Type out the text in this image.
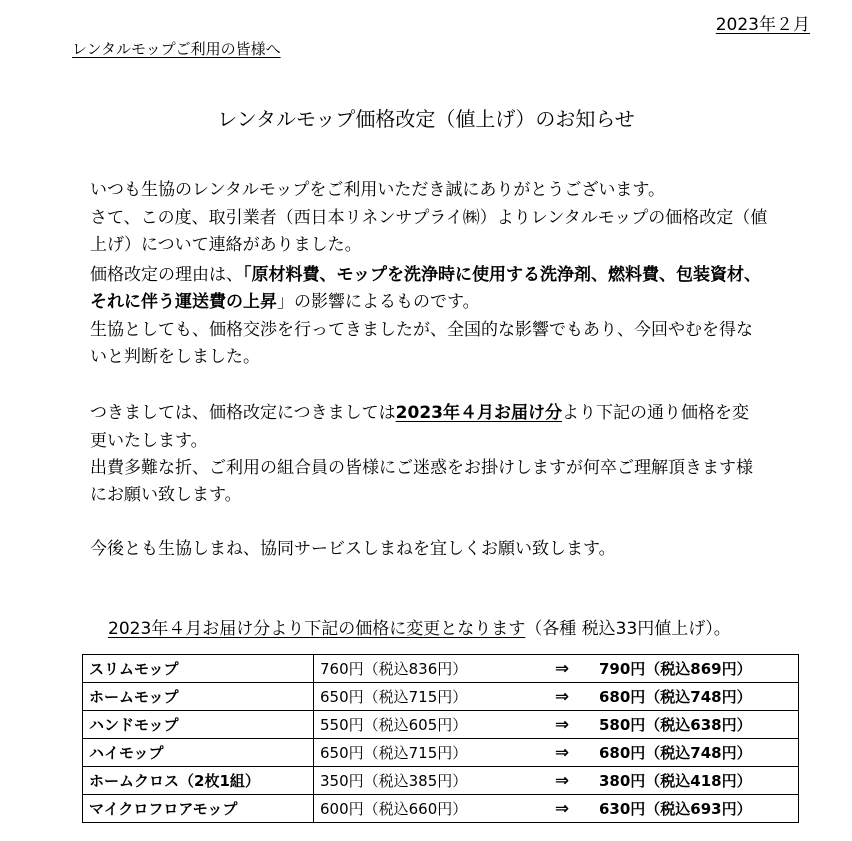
2023年２月
レンタルモップご利用の皆様へ
レンタルモップ価格改定（値上げ）のお知らせ
いつも生協のレンタルモップをご利用いただき誠にありがとうございます。
さて、この度、取引業者（西日本リネンサプライ㈱）よりレンタルモップの価格改定（値
上げ）について連絡がありました。
価格改定の理由は、「原材料費、モップを洗浄時に使用する洗浄剤、燃料費、包装資材、
それに伴う運送費の上昇」の影響によるものです。
生協としても、価格交渉を行ってきましたが、全国的な影響でもあり、今回やむを得な
いと判断をしました。
つきましては、価格改定につきましては2023年４月お届け分より下記の通り価格を変
更いたします。
出費多難な折、ご利用の組合員の皆様にご迷惑をお掛けしますが何卒ご理解頂きます様
にお願い致します。
今後とも生協しまね、協同サービスしまねを宜しくお願い致します。
2023年４月お届け分より下記の価格に変更となります（各種 税込33円値上げ）。
スリムモップ	760円（税込836円）	⇒	790円（税込869円）
ホームモップ	650円（税込715円）	⇒	680円（税込748円）
ハンドモップ	550円（税込605円）	⇒	580円（税込638円）
ハイモップ	650円（税込715円）	⇒	680円（税込748円）
ホームクロス（2枚1組）	350円（税込385円）	⇒	380円（税込418円）
マイクロフロアモップ	600円（税込660円）	⇒	630円（税込693円）
